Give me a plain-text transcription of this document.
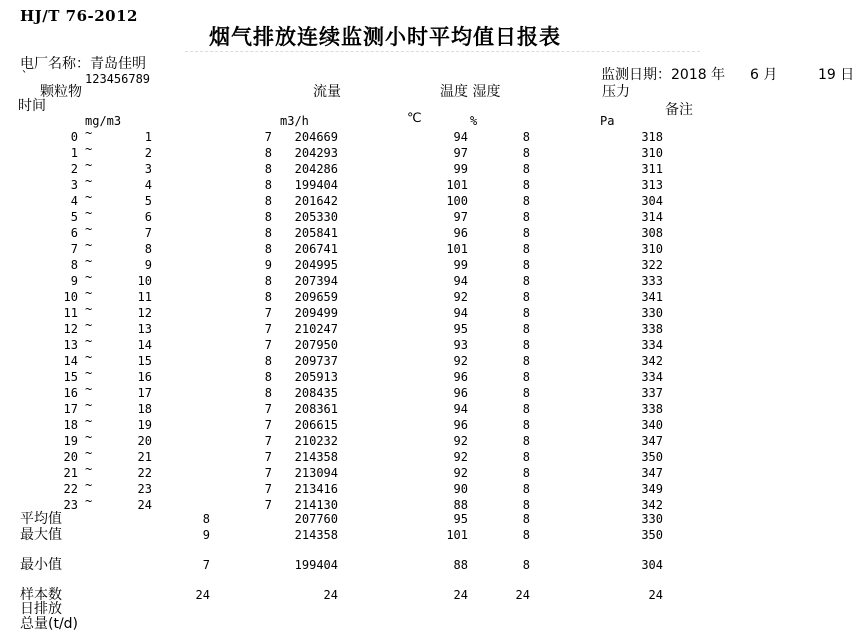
HJ/T 76-2012
烟气排放连续监测小时平均值日报表
电厂名称：青岛佳明
`	123456789	监测日期： 2018 年 6 月	19 日
颗粒物	流量	温度 湿度	压力
时间	备注
mg/m3	m3/h	℃	%	Pa
0 ~	1	7	204669	94	8	318
1 ~	2	8	204293	97	8	310
2 ~	3	8	204286	99	8	311
3 ~	4	8	199404	101	8	313
4 ~	5	8	201642	100	8	304
5 ~	6	8	205330	97	8	314
6 ~	7	8	205841	96	8	308
7 ~	8	8	206741	101	8	310
8 ~	9	9	204995	99	8	322
9 ~	10	8	207394	94	8	333
10 ~	11	8	209659	92	8	341
11 ~	12	7	209499	94	8	330
12 ~	13	7	210247	95	8	338
13 ~	14	7	207950	93	8	334
14 ~	15	8	209737	92	8	342
15 ~	16	8	205913	96	8	334
16 ~	17	8	208435	96	8	337
17 ~	18	7	208361	94	8	338
18 ~	19	7	206615	96	8	340
19 ~	20	7	210232	92	8	347
20 ~	21	7	214358	92	8	350
21 ~	22	7	213094	92	8	347
22 ~	23	7	213416	90	8	349
23 ~	24	7	214130	88	8	342
平均值	8	207760	95	8	330
最大值	9	214358	101	8	350
最小值	7	199404	88	8	304
样本数	24	24	24	24	24
日排放
总量(t/d)
